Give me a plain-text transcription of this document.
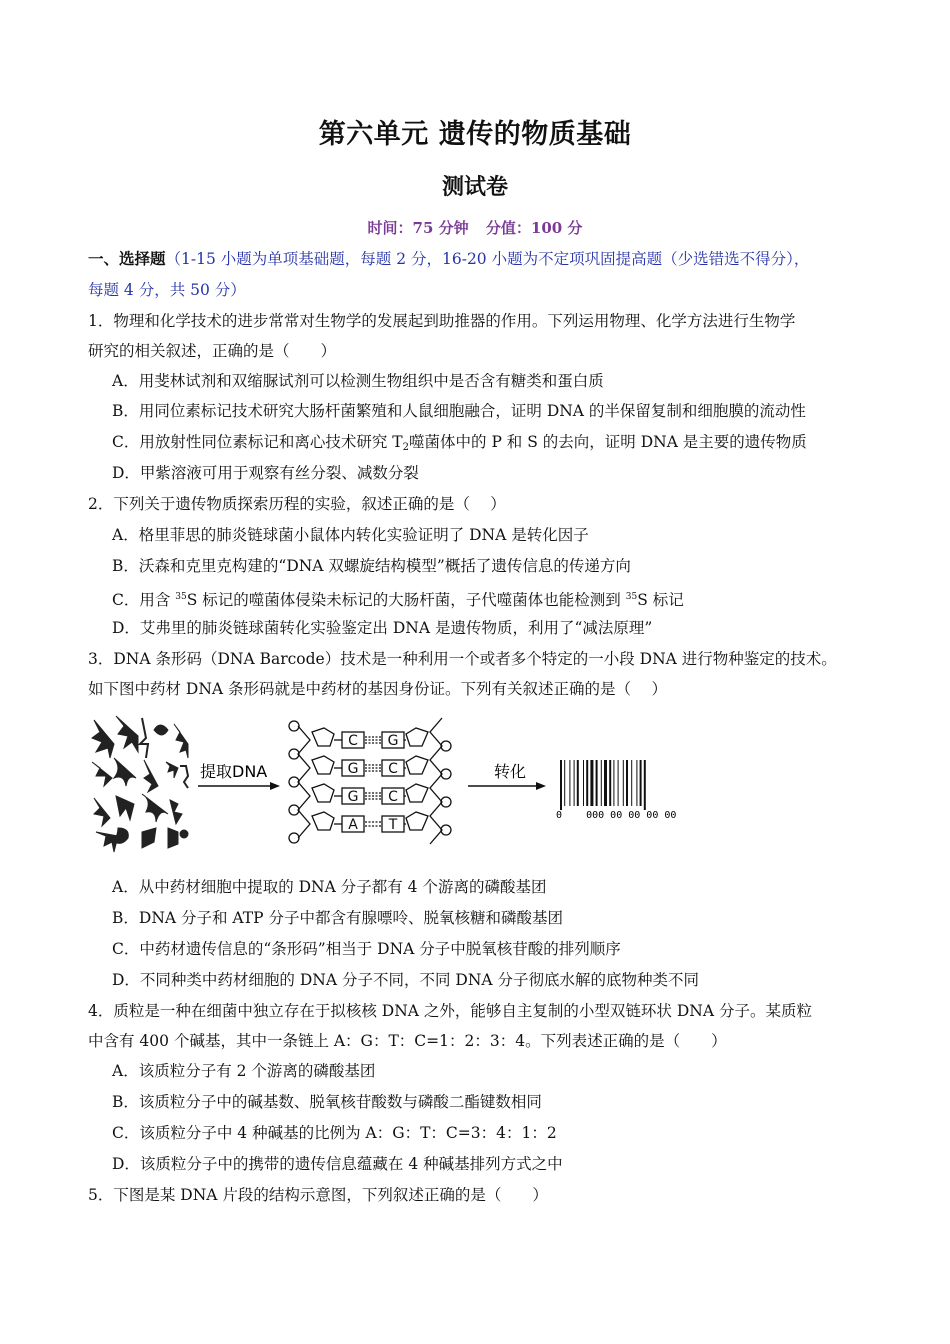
第六单元 遗传的物质基础
测试卷
时间：75 分钟 分值：100 分
一、选择题（1-15 小题为单项基础题，每题 2 分，16-20 小题为不定项巩固提高题（少选错选不得分），
每题 4 分，共 50 分）
1．物理和化学技术的进步常常对生物学的发展起到助推器的作用。下列运用物理、化学方法进行生物学
研究的相关叙述，正确的是（　　）
A．用斐林试剂和双缩脲试剂可以检测生物组织中是否含有糖类和蛋白质
B．用同位素标记技术研究大肠杆菌繁殖和人鼠细胞融合，证明 DNA 的半保留复制和细胞膜的流动性
C．用放射性同位素标记和离心技术研究 $T_2$噬菌体中的 P 和 S 的去向，证明 DNA 是主要的遗传物质
D．甲紫溶液可用于观察有丝分裂、减数分裂
2．下列关于遗传物质探索历程的实验，叙述正确的是（　 ）
A．格里菲思的肺炎链球菌小鼠体内转化实验证明了 DNA 是转化因子
B．沃森和克里克构建的“DNA 双螺旋结构模型”概括了遗传信息的传递方向
C．用含 $^{35}$S 标记的噬菌体侵染未标记的大肠杆菌，子代噬菌体也能检测到 $^{35}$S 标记
D．艾弗里的肺炎链球菌转化实验鉴定出 DNA 是遗传物质，利用了“减法原理”
3．DNA 条形码（DNA Barcode）技术是一种利用一个或者多个特定的一小段 DNA 进行物种鉴定的技术。
如下图中药材 DNA 条形码就是中药材的基因身份证。下列有关叙述正确的是（　 ）
提取DNA
C G
G C
G C
A T
转化
0    000 00 00 00 00
A．从中药材细胞中提取的 DNA 分子都有 4 个游离的磷酸基团
B．DNA 分子和 ATP 分子中都含有腺嘌呤、脱氧核糖和磷酸基团
C．中药材遗传信息的“条形码”相当于 DNA 分子中脱氧核苷酸的排列顺序
D．不同种类中药材细胞的 DNA 分子不同，不同 DNA 分子彻底水解的底物种类不同
4．质粒是一种在细菌中独立存在于拟核核 DNA 之外，能够自主复制的小型双链环状 DNA 分子。某质粒
中含有 400 个碱基，其中一条链上 A：G：T：C=1：2：3：4。下列表述正确的是（　　）
A．该质粒分子有 2 个游离的磷酸基团
B．该质粒分子中的碱基数、脱氧核苷酸数与磷酸二酯键数相同
C．该质粒分子中 4 种碱基的比例为 A：G：T：C=3：4：1：2
D．该质粒分子中的携带的遗传信息蕴藏在 4 种碱基排列方式之中
5．下图是某 DNA 片段的结构示意图，下列叙述正确的是（　　）
